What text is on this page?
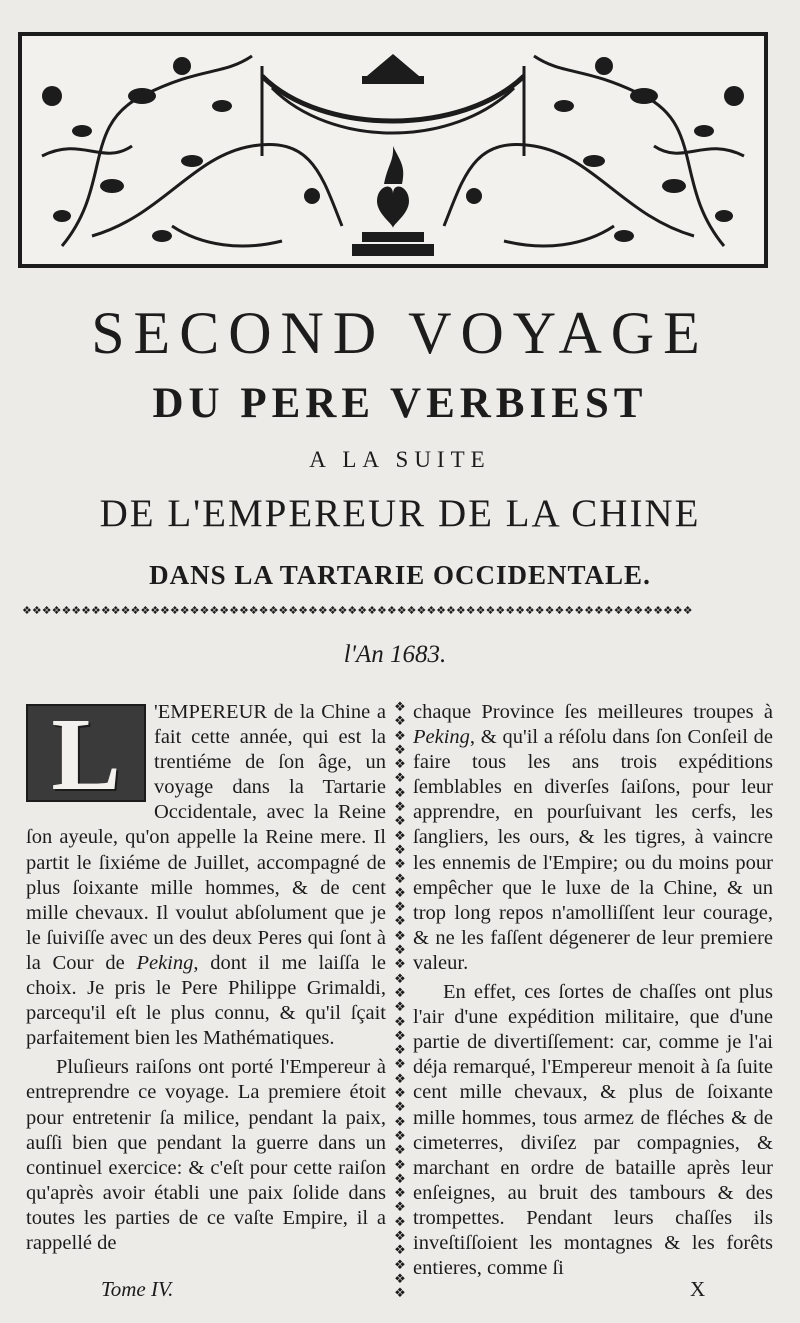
SECOND VOYAGE
DU PERE VERBIEST
A LA SUITE
DE L'EMPEREUR DE LA CHINE
DANS LA TARTARIE OCCIDENTALE.
❖❖❖❖❖❖❖❖❖❖❖❖❖❖❖❖❖❖❖❖❖❖❖❖❖❖❖❖❖❖❖❖❖❖❖❖❖❖❖❖❖❖❖❖❖❖❖❖❖❖❖❖❖❖❖❖❖❖❖❖❖❖❖❖❖❖❖❖
l'An 1683.

L	'EMPEREUR de la Chine a fait cette année, qui est la trentiéme de ſon âge, un voyage dans la Tartarie Occidentale, avec la Reine ſon ayeule, qu'on appelle la Reine mere. Il partit le ſixiéme de Juillet, accompagné de plus ſoixante mille hommes, & de cent mille chevaux. Il voulut abſolument que je le ſuiviſſe avec un des deux Peres qui ſont à la Cour de Peking, dont il me laiſſa le choix. Je pris le Pere Philippe Grimaldi, parcequ'il eſt le plus connu, & qu'il ſçait parfaitement bien les Mathématiques.

Pluſieurs raiſons ont porté l'Empereur à entreprendre ce voyage. La premiere étoit pour entretenir ſa milice, pendant la paix, auſſi bien que pendant la guerre dans un continuel exercice: & c'eſt pour cette raiſon qu'après avoir établi une paix ſolide dans toutes les parties de ce vaſte Empire, il a rappellé de

❖
❖
❖
❖
❖
❖
❖
❖
❖
❖
❖
❖
❖
❖
❖
❖
❖
❖
❖
❖
❖
❖
❖
❖
❖
❖
❖
❖
❖
❖
❖
❖
❖
❖
❖
❖
❖
❖
❖
❖
❖
❖

chaque Province ſes meilleures troupes à Peking, & qu'il a réſolu dans ſon Conſeil de faire tous les ans trois expéditions ſemblables en diverſes ſaiſons, pour leur apprendre, en pourſuivant les cerfs, les ſangliers, les ours, & les tigres, à vaincre les ennemis de l'Empire; ou du moins pour empêcher que le luxe de la Chine, & un trop long repos n'amolliſſent leur courage, & ne les faſſent dégenerer de leur premiere valeur.

En effet, ces ſortes de chaſſes ont plus l'air d'une expédition militaire, que d'une partie de divertiſſement: car, comme je l'ai déja remarqué, l'Empereur menoit à ſa ſuite cent mille chevaux, & plus de ſoixante mille hommes, tous armez de fléches & de cimeterres, diviſez par compagnies, & marchant en ordre de bataille après leur enſeignes, au bruit des tambours & des trompettes. Pendant leurs chaſſes ils inveſtiſſoient les montagnes & les forêts entieres, comme ſi

Tome IV.	X
